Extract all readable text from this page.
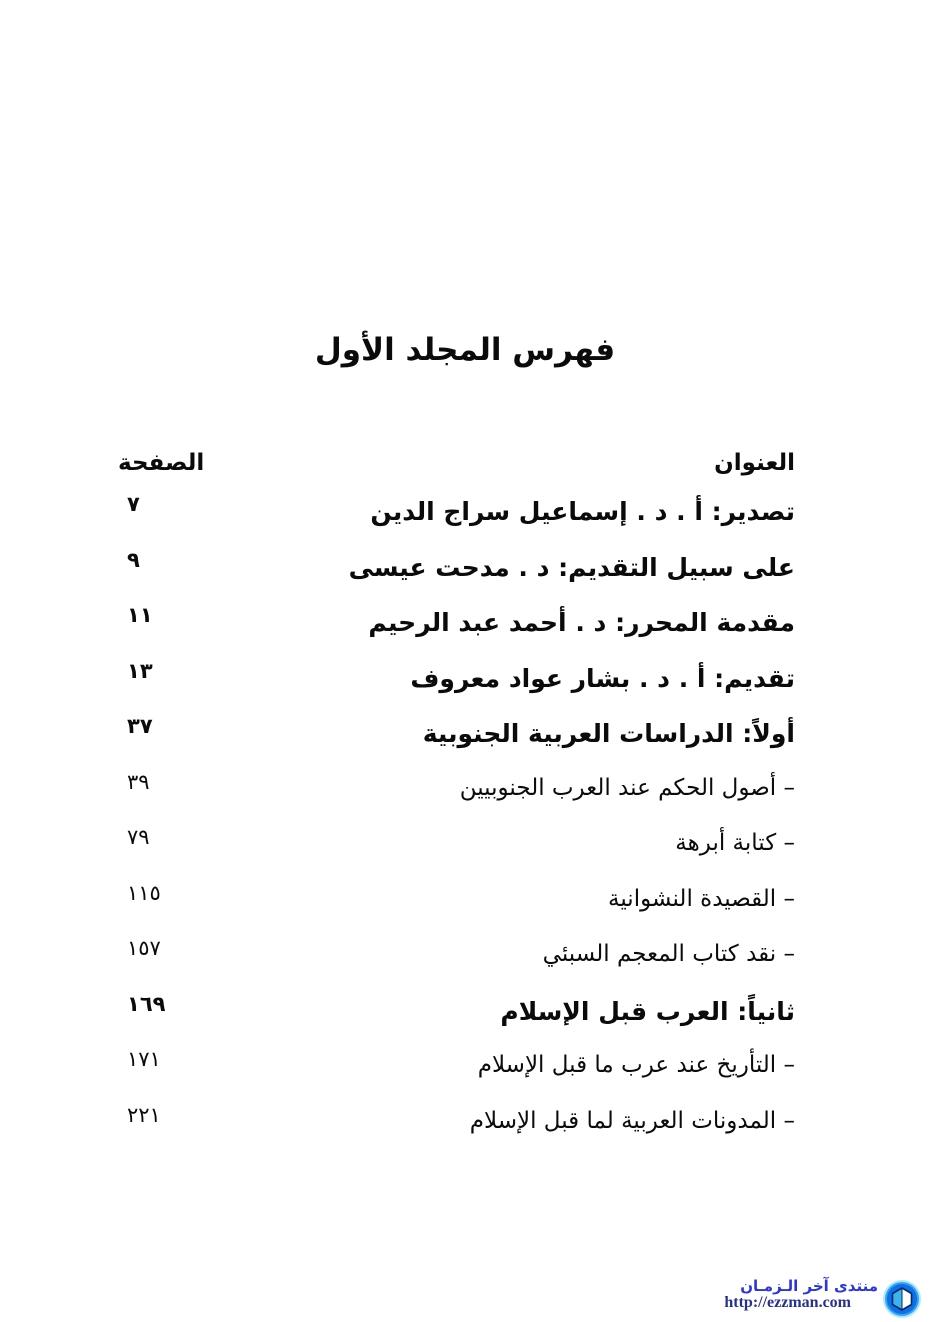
فهرس المجلد الأول
العنوان
الصفحة
تصدير: أ . د . إسماعيل سراج الدين
٧
على سبيل التقديم: د . مدحت عيسى
٩
مقدمة المحرر: د . أحمد عبد الرحيم
١١
تقديم: أ . د . بشار عواد معروف
١٣
أولاً: الدراسات العربية الجنوبية
٣٧
– أصول الحكم عند العرب الجنوبيين
٣٩
– كتابة أبرهة
٧٩
– القصيدة النشوانية
١١٥
– نقد كتاب المعجم السبئي
١٥٧
ثانياً: العرب قبل الإسلام
١٦٩
– التأريخ عند عرب ما قبل الإسلام
١٧١
– المدونات العربية لما قبل الإسلام
٢٢١
منتدى آخر الـزمـان
http://ezzman.com
